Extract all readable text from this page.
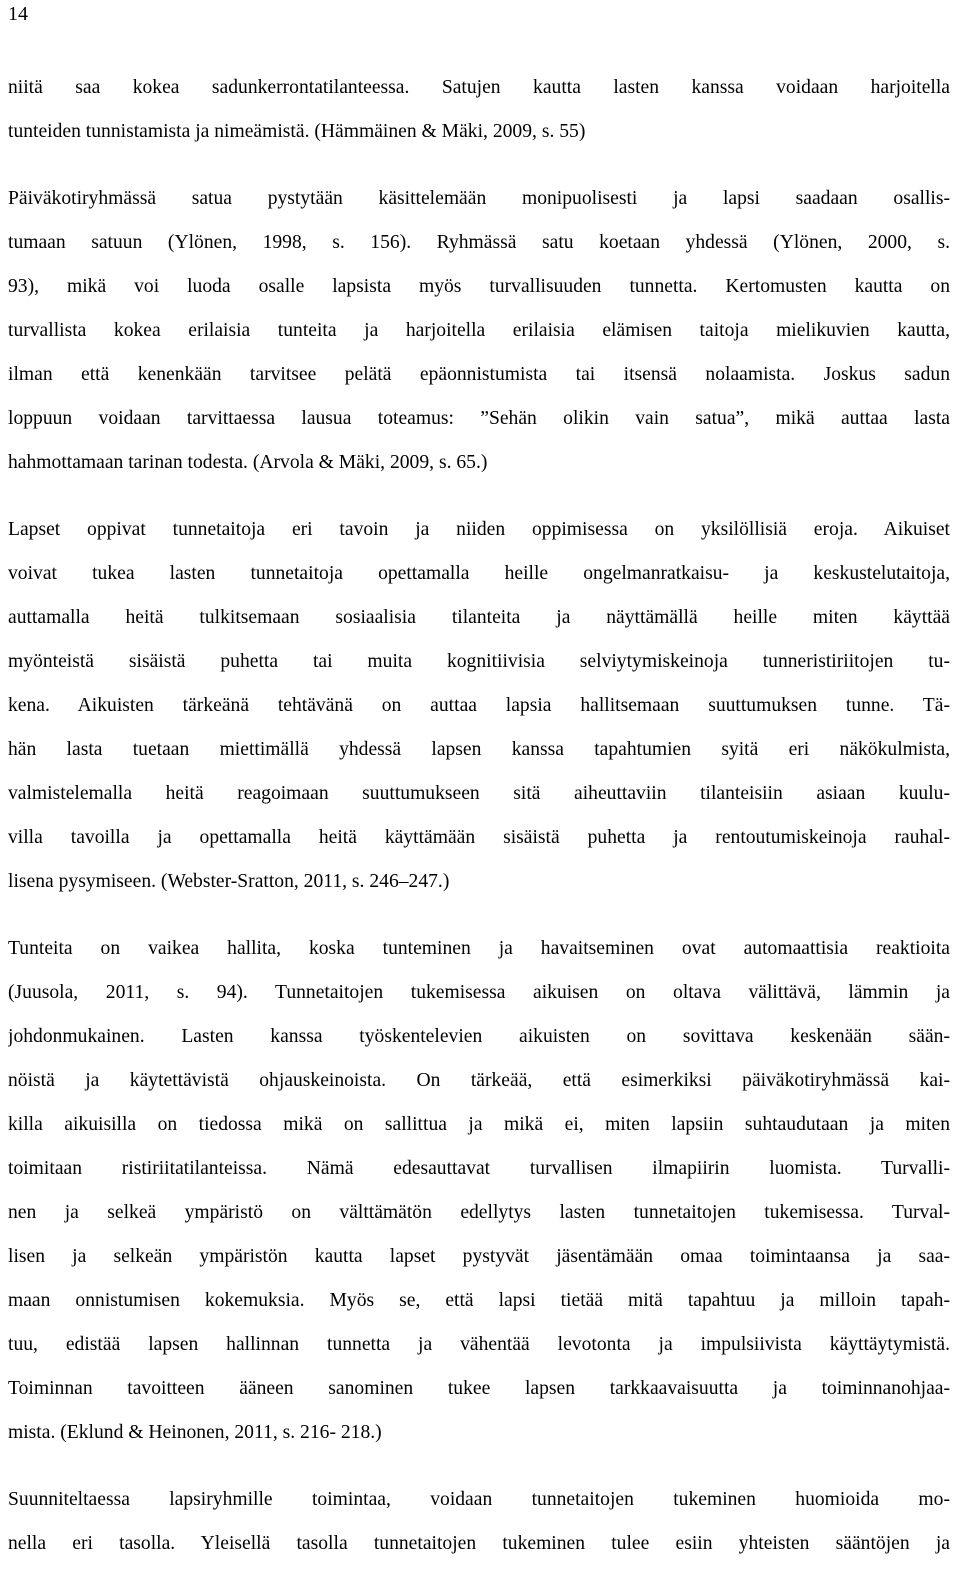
14
niitä saa kokea sadunkerrontatilanteessa. Satujen kautta lasten kanssa voidaan harjoitella
tunteiden tunnistamista ja nimeämistä. (Hämmäinen & Mäki, 2009, s. 55)
Päiväkotiryhmässä satua pystytään käsittelemään monipuolisesti ja lapsi saadaan osallis-
tumaan satuun (Ylönen, 1998, s. 156). Ryhmässä satu koetaan yhdessä (Ylönen, 2000, s.
93), mikä voi luoda osalle lapsista myös turvallisuuden tunnetta. Kertomusten kautta on
turvallista kokea erilaisia tunteita ja harjoitella erilaisia elämisen taitoja mielikuvien kautta,
ilman että kenenkään tarvitsee pelätä epäonnistumista tai itsensä nolaamista. Joskus sadun
loppuun voidaan tarvittaessa lausua toteamus: ”Sehän olikin vain satua”, mikä auttaa lasta
hahmottamaan tarinan todesta. (Arvola & Mäki, 2009, s. 65.)
Lapset oppivat tunnetaitoja eri tavoin ja niiden oppimisessa on yksilöllisiä eroja. Aikuiset
voivat tukea lasten tunnetaitoja opettamalla heille ongelmanratkaisu- ja keskustelutaitoja,
auttamalla heitä tulkitsemaan sosiaalisia tilanteita ja näyttämällä heille miten käyttää
myönteistä sisäistä puhetta tai muita kognitiivisia selviytymiskeinoja tunneristiriitojen tu-
kena. Aikuisten tärkeänä tehtävänä on auttaa lapsia hallitsemaan suuttumuksen tunne. Tä-
hän lasta tuetaan miettimällä yhdessä lapsen kanssa tapahtumien syitä eri näkökulmista,
valmistelemalla heitä reagoimaan suuttumukseen sitä aiheuttaviin tilanteisiin asiaan kuulu-
villa tavoilla ja opettamalla heitä käyttämään sisäistä puhetta ja rentoutumiskeinoja rauhal-
lisena pysymiseen. (Webster-Sratton, 2011, s. 246–247.)
Tunteita on vaikea hallita, koska tunteminen ja havaitseminen ovat automaattisia reaktioita
(Juusola, 2011, s. 94). Tunnetaitojen tukemisessa aikuisen on oltava välittävä, lämmin ja
johdonmukainen. Lasten kanssa työskentelevien aikuisten on sovittava keskenään sään-
nöistä ja käytettävistä ohjauskeinoista. On tärkeää, että esimerkiksi päiväkotiryhmässä kai-
killa aikuisilla on tiedossa mikä on sallittua ja mikä ei, miten lapsiin suhtaudutaan ja miten
toimitaan ristiriitatilanteissa. Nämä edesauttavat turvallisen ilmapiirin luomista. Turvalli-
nen ja selkeä ympäristö on välttämätön edellytys lasten tunnetaitojen tukemisessa. Turval-
lisen ja selkeän ympäristön kautta lapset pystyvät jäsentämään omaa toimintaansa ja saa-
maan onnistumisen kokemuksia. Myös se, että lapsi tietää mitä tapahtuu ja milloin tapah-
tuu, edistää lapsen hallinnan tunnetta ja vähentää levotonta ja impulsiivista käyttäytymistä.
Toiminnan tavoitteen ääneen sanominen tukee lapsen tarkkaavaisuutta ja toiminnanohjaa-
mista. (Eklund & Heinonen, 2011, s. 216- 218.)
Suunniteltaessa lapsiryhmille toimintaa, voidaan tunnetaitojen tukeminen huomioida mo-
nella eri tasolla. Yleisellä tasolla tunnetaitojen tukeminen tulee esiin yhteisten sääntöjen ja
